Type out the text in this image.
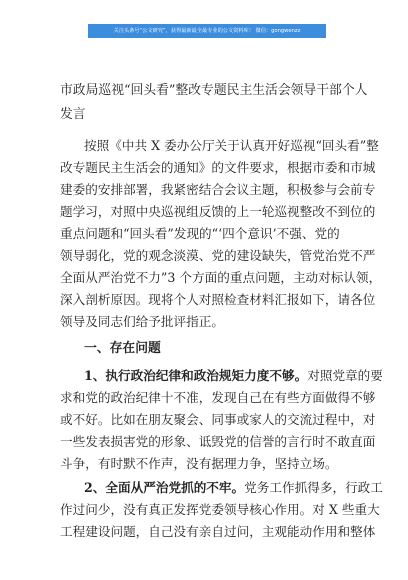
关注头条号“公文研究”，获得最新最全最专业的公文资料库！ 微信：gongwenzz
市政局巡视“回头看”整改专题民主生活会领导干部个人
发言
按照《中共 X 委办公厅关于认真开好巡视“回头看”整
改专题民主生活会的通知》的文件要求，根据市委和市城
建委的安排部署，我紧密结合会议主题，积极参与会前专
题学习，对照中央巡视组反馈的上一轮巡视整改不到位的
重点问题和“回头看”发现的“‘四个意识’不强、党的
领导弱化，党的观念淡漠、党的建设缺失，管党治党不严
全面从严治党不力”3 个方面的重点问题，主动对标认领，
深入剖析原因。现将个人对照检查材料汇报如下，请各位
领导及同志们给予批评指正。
一、存在问题
1、执行政治纪律和政治规矩力度不够。对照党章的要
求和党的政治纪律十不准，发现自己在有些方面做得不够
或不好。比如在朋友聚会、同事或家人的交流过程中，对
一些发表损害党的形象、诋毁党的信誉的言行时不敢直面
斗争，有时默不作声，没有据理力争，坚持立场。
2、全面从严治党抓的不牢。党务工作抓得多，行政工
作过问少，没有真正发挥党委领导核心作用。对 X 些重大
工程建设问题，自己没有亲自过问，主观能动作用和整体
